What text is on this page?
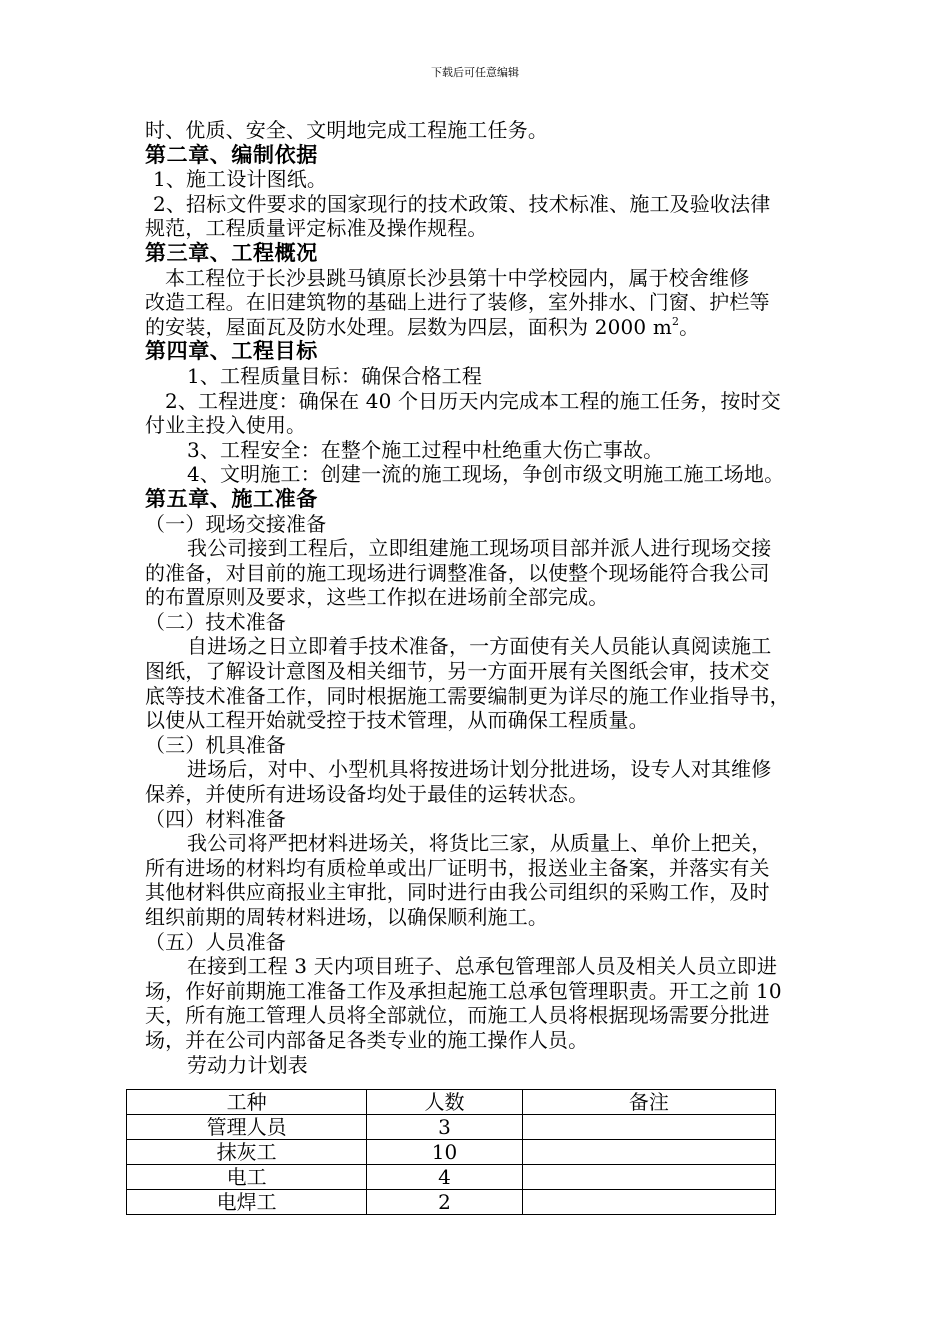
下载后可任意编辑

时、优质、安全、文明地完成工程施工任务。

第二章、编制依据

1、施工设计图纸。

2、招标文件要求的国家现行的技术政策、技术标准、施工及验收法律

规范，工程质量评定标准及操作规程。

第三章、工程概况

本工程位于长沙县跳马镇原长沙县第十中学校园内，属于校舍维修

改造工程。在旧建筑物的基础上进行了装修，室外排水、门窗、护栏等

的安装，屋面瓦及防水处理。层数为四层，面积为 2000 $m^2$。

第四章、工程目标

1、工程质量目标：确保合格工程

2、工程进度：确保在 40 个日历天内完成本工程的施工任务，按时交

付业主投入使用。

3、工程安全：在整个施工过程中杜绝重大伤亡事故。

4、文明施工：创建一流的施工现场，争创市级文明施工施工场地。

第五章、施工准备

（一）现场交接准备

我公司接到工程后，立即组建施工现场项目部并派人进行现场交接

的准备，对目前的施工现场进行调整准备，以使整个现场能符合我公司

的布置原则及要求，这些工作拟在进场前全部完成。

（二）技术准备

自进场之日立即着手技术准备，一方面使有关人员能认真阅读施工

图纸，了解设计意图及相关细节，另一方面开展有关图纸会审，技术交

底等技术准备工作，同时根据施工需要编制更为详尽的施工作业指导书，

以使从工程开始就受控于技术管理，从而确保工程质量。

（三）机具准备

进场后，对中、小型机具将按进场计划分批进场，设专人对其维修

保养，并使所有进场设备均处于最佳的运转状态。

（四）材料准备

我公司将严把材料进场关，将货比三家，从质量上、单价上把关，

所有进场的材料均有质检单或出厂证明书，报送业主备案，并落实有关

其他材料供应商报业主审批，同时进行由我公司组织的采购工作，及时

组织前期的周转材料进场，以确保顺利施工。

（五）人员准备

在接到工程 3 天内项目班子、总承包管理部人员及相关人员立即进

场，作好前期施工准备工作及承担起施工总承包管理职责。开工之前 10

天，所有施工管理人员将全部就位，而施工人员将根据现场需要分批进

场，并在公司内部备足各类专业的施工操作人员。

劳动力计划表

工种	人数	备注
管理人员	3	
抹灰工	10	
电工	4	
电焊工	2	
